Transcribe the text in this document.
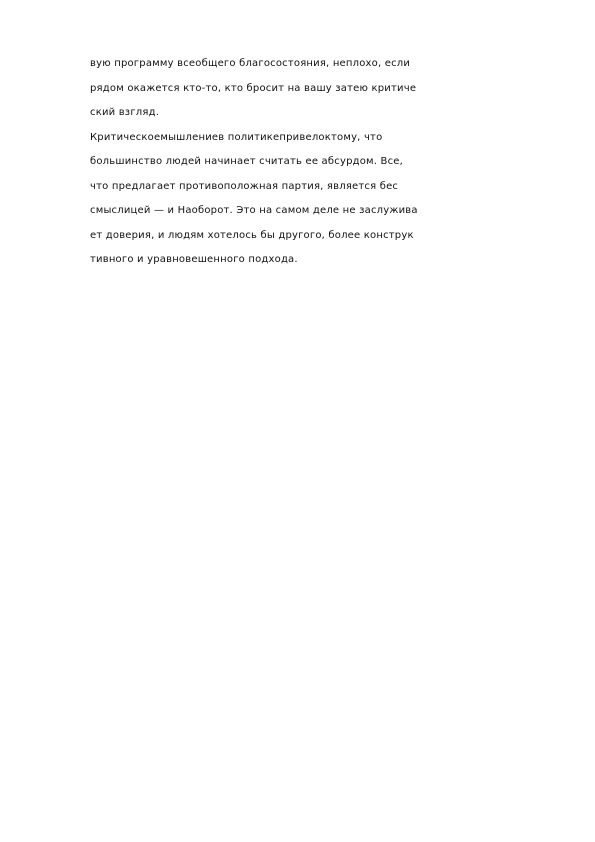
вую программу всеобщего благосостояния, неплохо, если
рядом окажется кто-то, кто бросит на вашу затею критиче
ский взгляд.
Критическоемышлениев политикепривелоктому, что
большинство людей начинает считать ее абсурдом. Все,
что предлагает противоположная партия, является бес
смыслицей — и Наоборот. Это на самом деле не заслужива
ет доверия, и людям хотелось бы другого, более конструк
тивного и уравновешенного подхода.
